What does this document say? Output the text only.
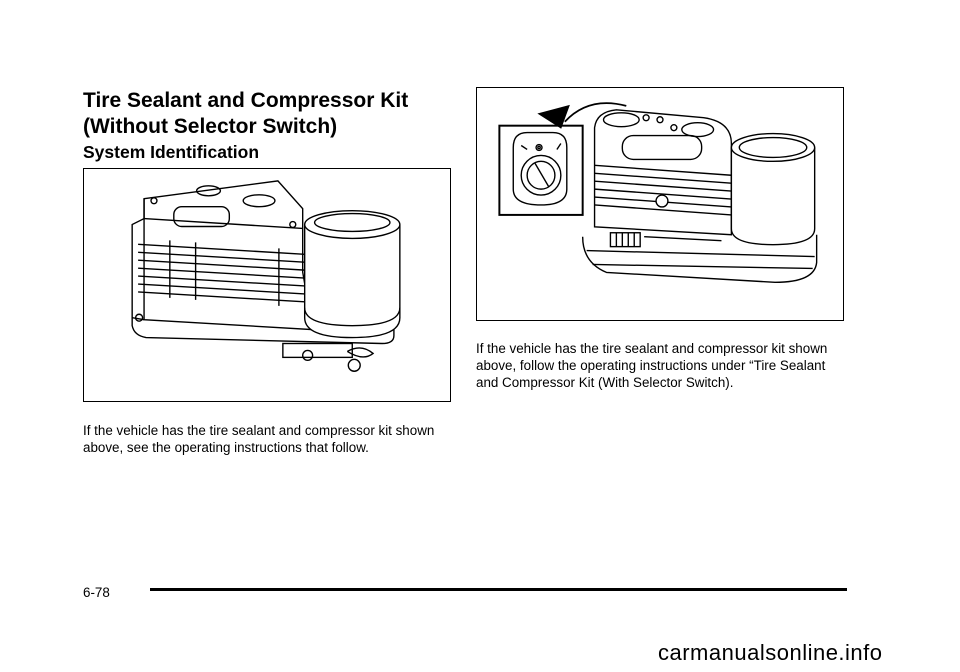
Tire Sealant and Compressor Kit
(Without Selector Switch)
System Identification
If the vehicle has the tire sealant and compressor kit shown above, see the operating instructions that follow.
If the vehicle has the tire sealant and compressor kit shown above, follow the operating instructions under “Tire Sealant and Compressor Kit (With Selector Switch).
6-78
carmanualsonline.info
